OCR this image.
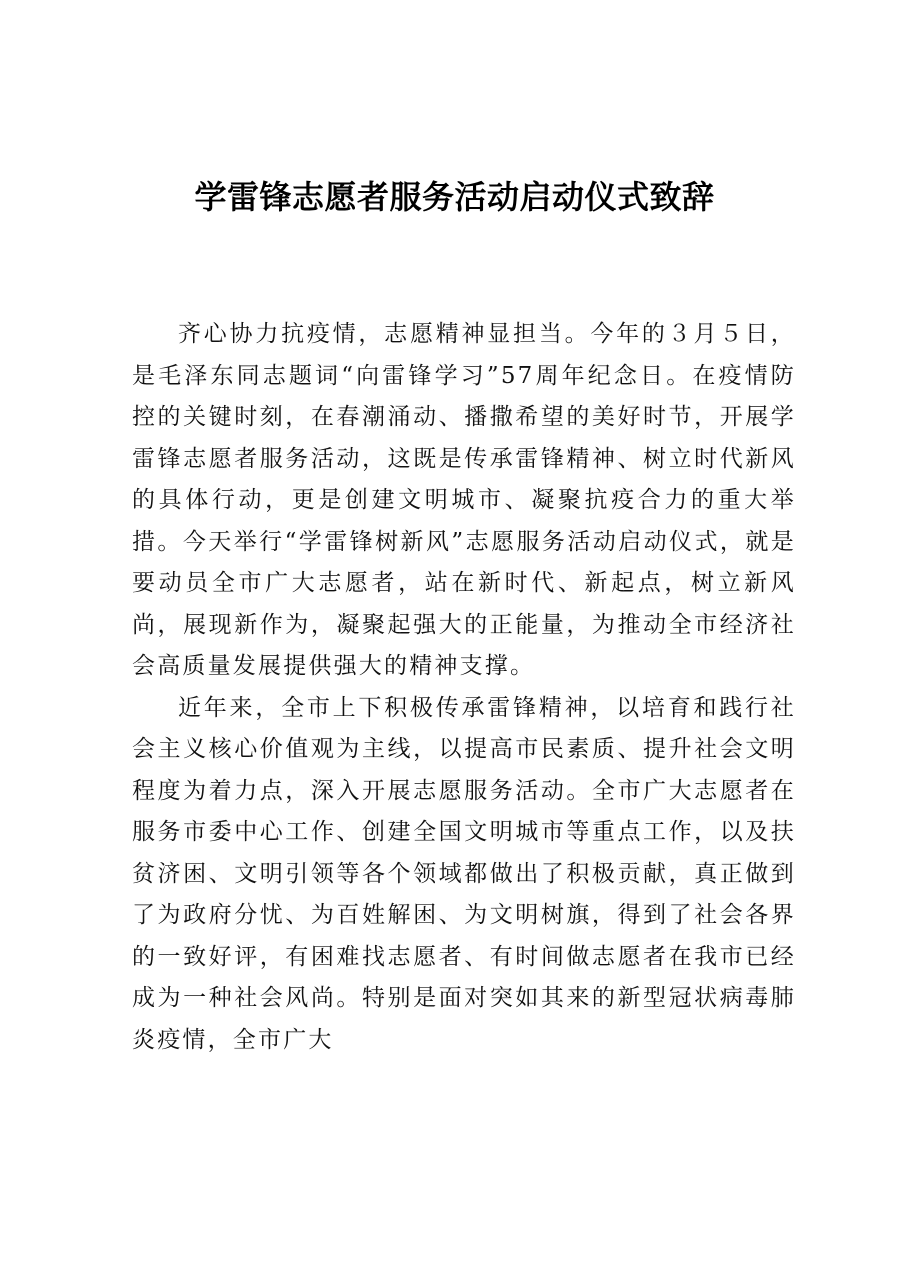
学雷锋志愿者服务活动启动仪式致辞

齐心协力抗疫情，志愿精神显担当。今年的３月５日，是毛泽东同志题词“向雷锋学习”57周年纪念日。在疫情防控的关键时刻，在春潮涌动、播撒希望的美好时节，开展学雷锋志愿者服务活动，这既是传承雷锋精神、树立时代新风的具体行动，更是创建文明城市、凝聚抗疫合力的重大举措。今天举行“学雷锋树新风”志愿服务活动启动仪式，就是要动员全市广大志愿者，站在新时代、新起点，树立新风尚，展现新作为，凝聚起强大的正能量，为推动全市经济社会高质量发展提供强大的精神支撑。

近年来，全市上下积极传承雷锋精神，以培育和践行社会主义核心价值观为主线，以提高市民素质、提升社会文明程度为着力点，深入开展志愿服务活动。全市广大志愿者在服务市委中心工作、创建全国文明城市等重点工作，以及扶贫济困、文明引领等各个领域都做出了积极贡献，真正做到了为政府分忧、为百姓解困、为文明树旗，得到了社会各界的一致好评，有困难找志愿者、有时间做志愿者在我市已经成为一种社会风尚。特别是面对突如其来的新型冠状病毒肺炎疫情，全市广大
